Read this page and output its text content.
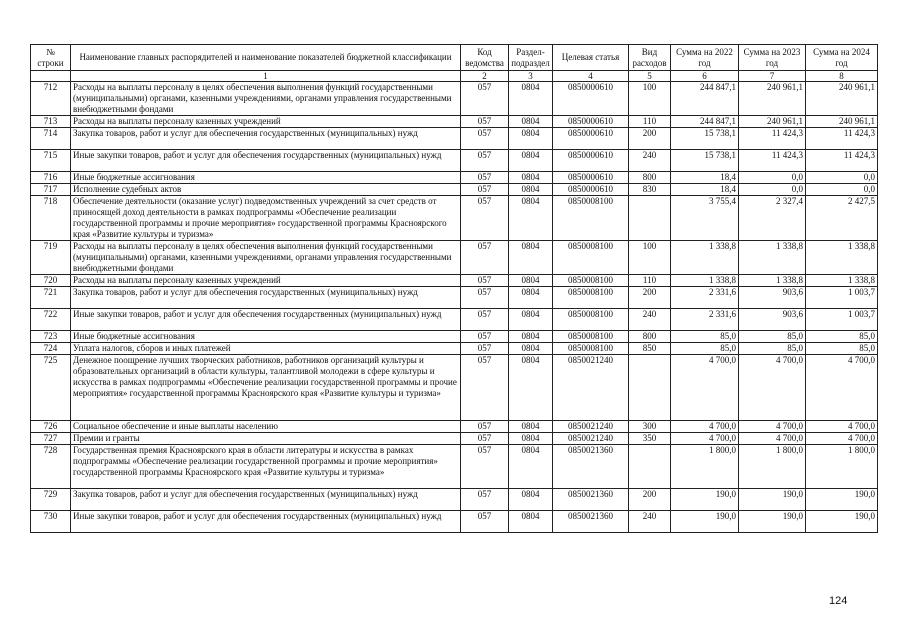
№ строки	Наименование главных распорядителей и наименование показателей бюджетной классификации	Код ведомства	Раздел-подраздел	Целевая статья	Вид расходов	Сумма на 2022 год	Сумма на 2023 год	Сумма на 2024 год
	1	2	3	4	5	6	7	8
712	Расходы на выплаты персоналу в целях обеспечения выполнения функций государственными (муниципальными) органами, казенными учреждениями, органами управления государственными внебюджетными фондами	057	0804	0850000610	100	244 847,1	240 961,1	240 961,1
713	Расходы на выплаты персоналу казенных учреждений	057	0804	0850000610	110	244 847,1	240 961,1	240 961,1
714	Закупка товаров, работ и услуг для обеспечения государственных (муниципальных) нужд	057	0804	0850000610	200	15 738,1	11 424,3	11 424,3
715	Иные закупки товаров, работ и услуг для обеспечения государственных (муниципальных) нужд	057	0804	0850000610	240	15 738,1	11 424,3	11 424,3
716	Иные бюджетные ассигнования	057	0804	0850000610	800	18,4	0,0	0,0
717	Исполнение судебных актов	057	0804	0850000610	830	18,4	0,0	0,0
718	Обеспечение деятельности (оказание услуг) подведомственных учреждений за счет средств от приносящей доход деятельности в рамках подпрограммы «Обеспечение реализации государственной программы и прочие мероприятия» государственной программы Красноярского края «Развитие культуры и туризма»	057	0804	0850008100		3 755,4	2 327,4	2 427,5
719	Расходы на выплаты персоналу в целях обеспечения выполнения функций государственными (муниципальными) органами, казенными учреждениями, органами управления государственными внебюджетными фондами	057	0804	0850008100	100	1 338,8	1 338,8	1 338,8
720	Расходы на выплаты персоналу казенных учреждений	057	0804	0850008100	110	1 338,8	1 338,8	1 338,8
721	Закупка товаров, работ и услуг для обеспечения государственных (муниципальных) нужд	057	0804	0850008100	200	2 331,6	903,6	1 003,7
722	Иные закупки товаров, работ и услуг для обеспечения государственных (муниципальных) нужд	057	0804	0850008100	240	2 331,6	903,6	1 003,7
723	Иные бюджетные ассигнования	057	0804	0850008100	800	85,0	85,0	85,0
724	Уплата налогов, сборов и иных платежей	057	0804	0850008100	850	85,0	85,0	85,0
725	Денежное поощрение лучших творческих работников, работников организаций культуры и образовательных организаций в области культуры, талантливой молодежи в сфере культуры и искусства в рамках подпрограммы «Обеспечение реализации государственной программы и прочие мероприятия» государственной программы Красноярского края «Развитие культуры и туризма»	057	0804	0850021240		4 700,0	4 700,0	4 700,0
726	Социальное обеспечение и иные выплаты населению	057	0804	0850021240	300	4 700,0	4 700,0	4 700,0
727	Премии и гранты	057	0804	0850021240	350	4 700,0	4 700,0	4 700,0
728	Государственная премия Красноярского края в области литературы и искусства в рамках подпрограммы «Обеспечение реализации государственной программы и прочие мероприятия» государственной программы Красноярского края «Развитие культуры и туризма»	057	0804	0850021360		1 800,0	1 800,0	1 800,0
729	Закупка товаров, работ и услуг для обеспечения государственных (муниципальных) нужд	057	0804	0850021360	200	190,0	190,0	190,0
730	Иные закупки товаров, работ и услуг для обеспечения государственных (муниципальных) нужд	057	0804	0850021360	240	190,0	190,0	190,0
124
